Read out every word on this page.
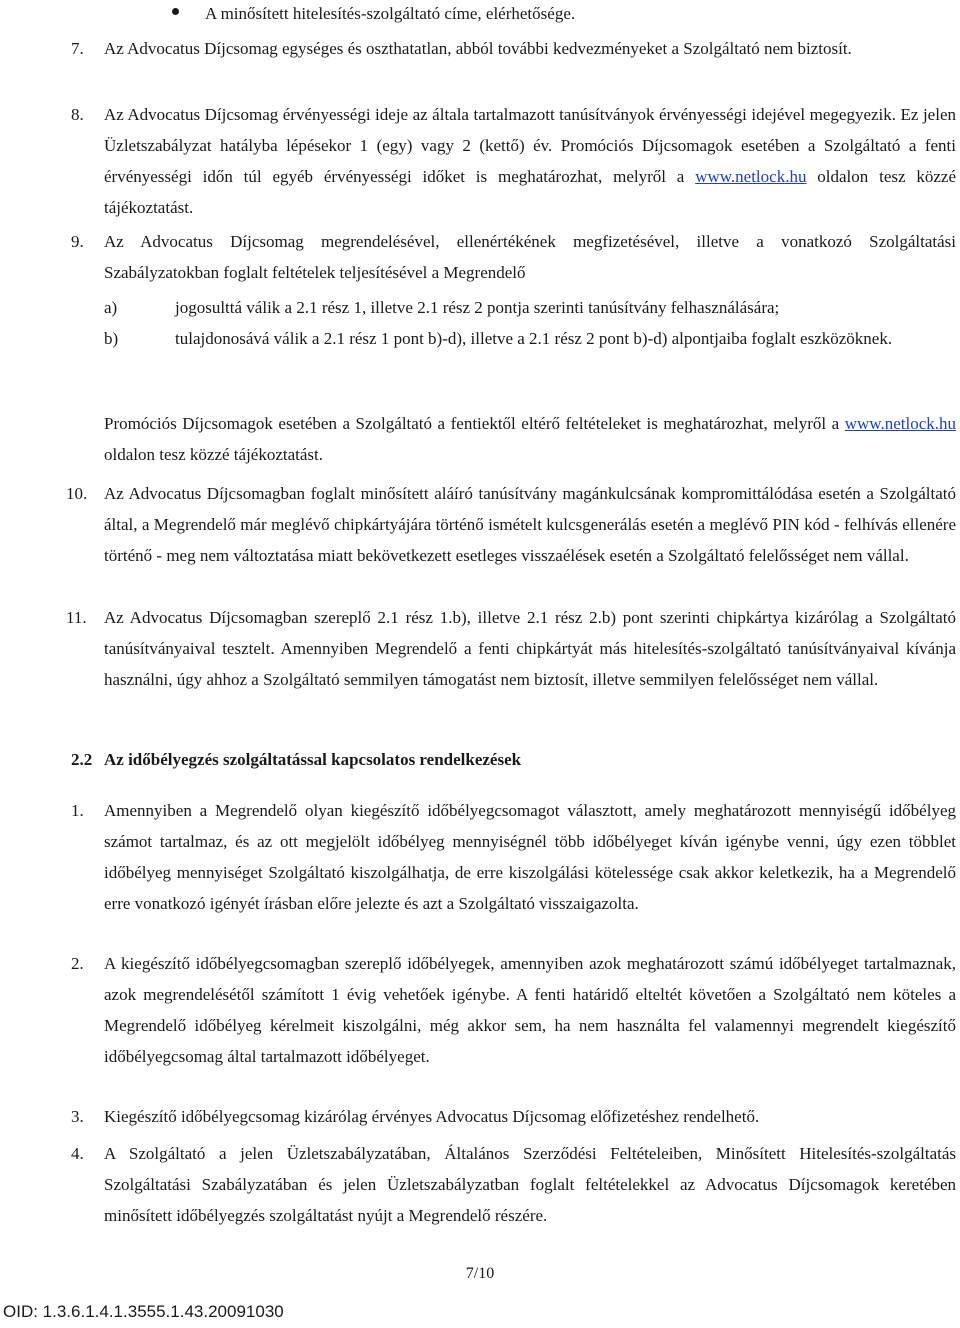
A minősített hitelesítés-szolgáltató címe, elérhetősége.
7. Az Advocatus Díjcsomag egységes és oszthatatlan, abból további kedvezményeket a Szolgáltató nem biztosít.
8. Az Advocatus Díjcsomag érvényességi ideje az általa tartalmazott tanúsítványok érvényességi idejével megegyezik. Ez jelen Üzletszabályzat hatályba lépésekor 1 (egy) vagy 2 (kettő) év. Promóciós Díjcsomagok esetében a Szolgáltató a fenti érvényességi időn túl egyéb érvényességi időket is meghatározhat, melyről a www.netlock.hu oldalon tesz közzé tájékoztatást.
9. Az Advocatus Díjcsomag megrendelésével, ellenértékének megfizetésével, illetve a vonatkozó Szolgáltatási Szabályzatokban foglalt feltételek teljesítésével a Megrendelő
a)	jogosulttá válik a 2.1 rész 1, illetve 2.1 rész 2 pontja szerinti tanúsítvány felhasználására;
b)	tulajdonosává válik a 2.1 rész 1 pont b)-d), illetve a 2.1 rész 2 pont b)-d) alpontjaiba foglalt eszközöknek.
Promóciós Díjcsomagok esetében a Szolgáltató a fentiektől eltérő feltételeket is meghatározhat, melyről a www.netlock.hu oldalon tesz közzé tájékoztatást.
10. Az Advocatus Díjcsomagban foglalt minősített aláíró tanúsítvány magánkulcsának kompromittálódása esetén a Szolgáltató által, a Megrendelő már meglévő chipkártyájára történő ismételt kulcsgenerálás esetén a meglévő PIN kód - felhívás ellenére történő - meg nem változtatása miatt bekövetkezett esetleges visszaélések esetén a Szolgáltató felelősséget nem vállal.
11. Az Advocatus Díjcsomagban szereplő 2.1 rész 1.b), illetve 2.1 rész 2.b) pont szerinti chipkártya kizárólag a Szolgáltató tanúsítványaival tesztelt. Amennyiben Megrendelő a fenti chipkártyát más hitelesítés-szolgáltató tanúsítványaival kívánja használni, úgy ahhoz a Szolgáltató semmilyen támogatást nem biztosít, illetve semmilyen felelősséget nem vállal.
2.2 Az időbélyegzés szolgáltatással kapcsolatos rendelkezések
1. Amennyiben a Megrendelő olyan kiegészítő időbélyegcsomagot választott, amely meghatározott mennyiségű időbélyeg számot tartalmaz, és az ott megjelölt időbélyeg mennyiségnél több időbélyeget kíván igénybe venni, úgy ezen többlet időbélyeg mennyiséget Szolgáltató kiszolgálhatja, de erre kiszolgálási kötelessége csak akkor keletkezik, ha a Megrendelő erre vonatkozó igényét írásban előre jelezte és azt a Szolgáltató visszaigazolta.
2. A kiegészítő időbélyegcsomagban szereplő időbélyegek, amennyiben azok meghatározott számú időbélyeget tartalmaznak, azok megrendelésétől számított 1 évig vehetőek igénybe. A fenti határidő elteltét követően a Szolgáltató nem köteles a Megrendelő időbélyeg kérelmeit kiszolgálni, még akkor sem, ha nem használta fel valamennyi megrendelt kiegészítő időbélyegcsomag által tartalmazott időbélyeget.
3. Kiegészítő időbélyegcsomag kizárólag érvényes Advocatus Díjcsomag előfizetéshez rendelhető.
4. A Szolgáltató a jelen Üzletszabályzatában, Általános Szerződési Feltételeiben, Minősített Hitelesítés-szolgáltatás Szolgáltatási Szabályzatában és jelen Üzletszabályzatban foglalt feltételekkel az Advocatus Díjcsomagok keretében minősített időbélyegzés szolgáltatást nyújt a Megrendelő részére.
7/10
OID: 1.3.6.1.4.1.3555.1.43.20091030
